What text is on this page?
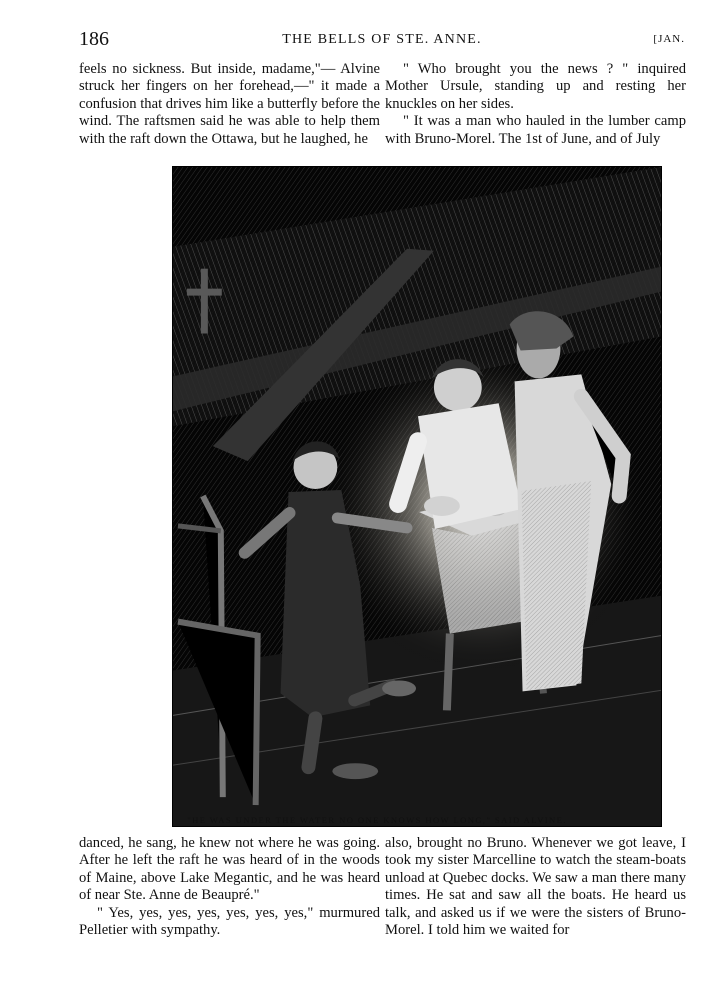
186	THE BELLS OF STE. ANNE.	[JAN.

feels no sickness. But inside, madame,"— Alvine struck her fingers on her forehead,—" it made a confusion that drives him like a butterfly before the wind. The raftsmen said he was able to help them with the raft down the Ottawa, but he laughed, he

" Who brought you the news ? " inquired Mother Ursule, standing up and resting her knuckles on her sides.

" It was a man who hauled in the lumber camp with Bruno-Morel. The 1st of June, and of July

"HE WAS UNDER THE WATER NO ONE KNOWS HOW LONG," SAID ALVINE.

danced, he sang, he knew not where he was going. After he left the raft he was heard of in the woods of Maine, above Lake Megantic, and he was heard of near Ste. Anne de Beaupré."

" Yes, yes, yes, yes, yes, yes, yes," murmured Pelletier with sympathy.

also, brought no Bruno. Whenever we got leave, I took my sister Marcelline to watch the steam-boats unload at Quebec docks. We saw a man there many times. He sat and saw all the boats. He heard us talk, and asked us if we were the sisters of Bruno-Morel. I told him we waited for
